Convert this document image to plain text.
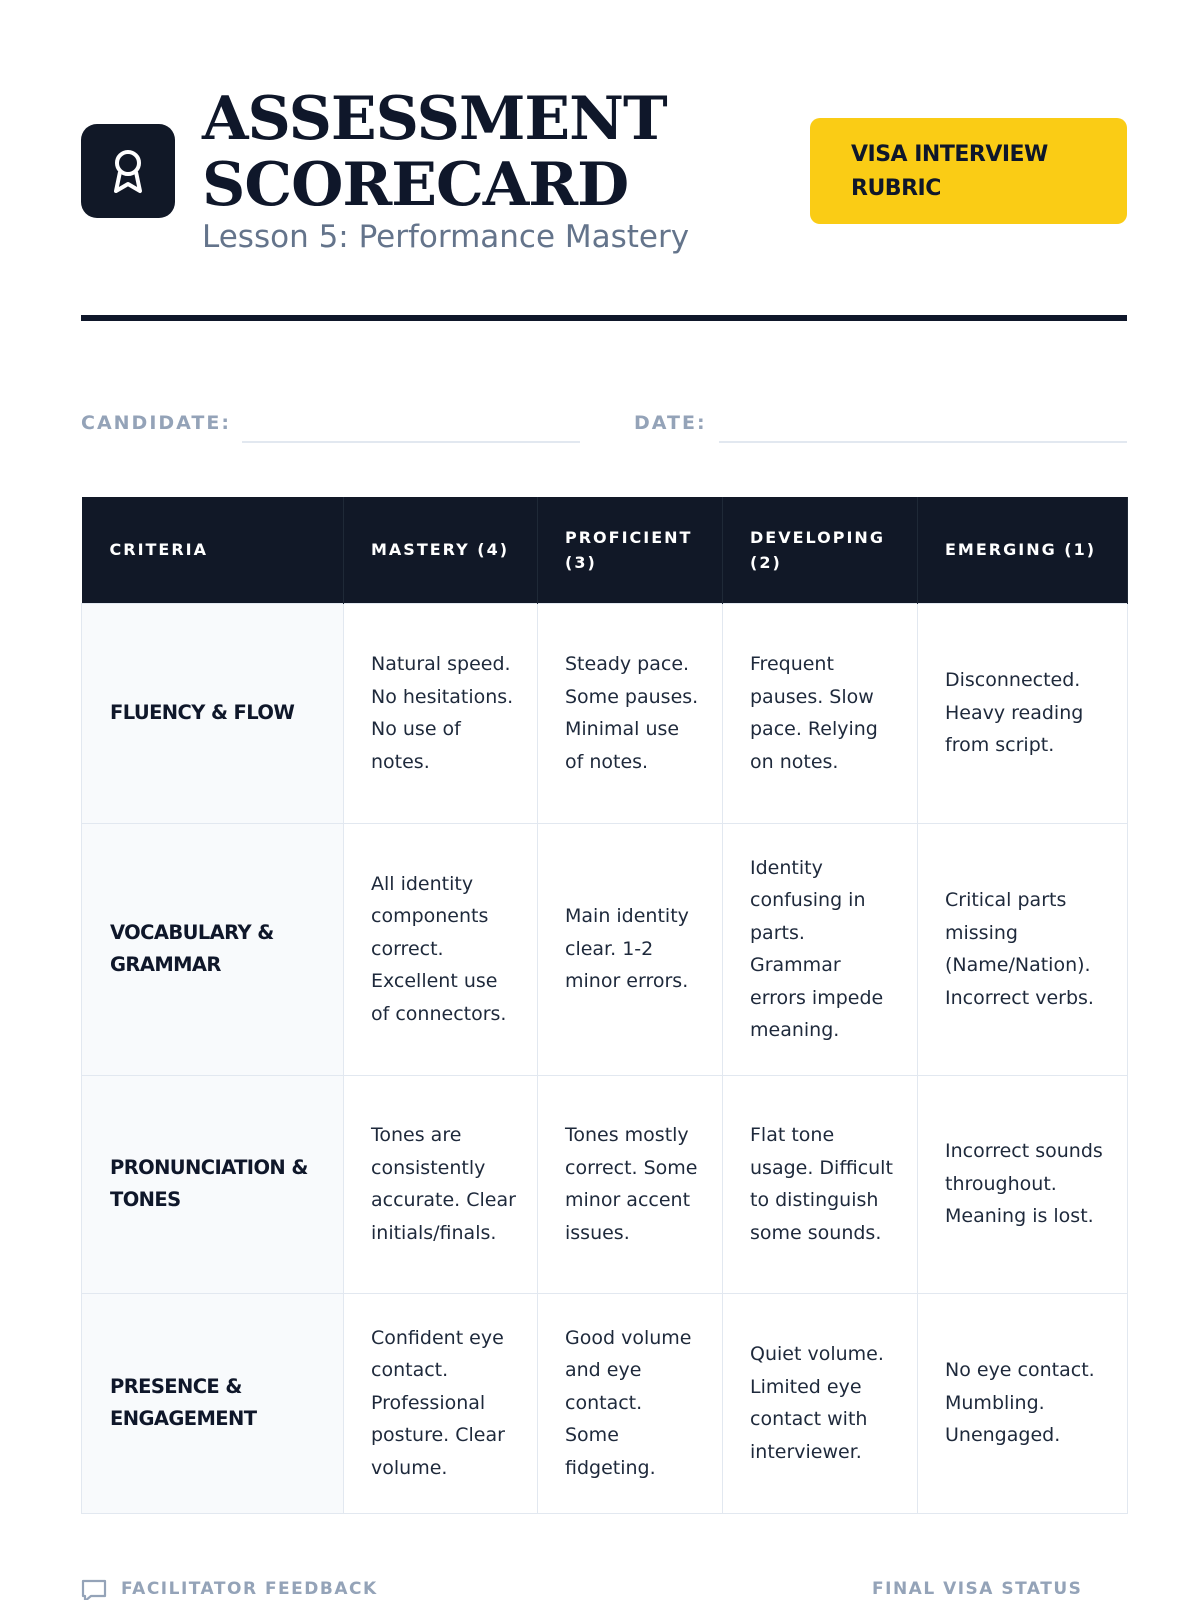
ASSESSMENT
SCORECARD
Lesson 5: Performance Mastery
VISA INTERVIEW RUBRIC
CANDIDATE:	DATE:
CRITERIA	MASTERY (4)	PROFICIENT (3)	DEVELOPING (2)	EMERGING (1)
FLUENCY & FLOW	Natural speed. No hesitations. No use of notes.	Steady pace. Some pauses. Minimal use of notes.	Frequent pauses. Slow pace. Relying on notes.	Disconnected. Heavy reading from script.
VOCABULARY & GRAMMAR	All identity components correct. Excellent use of connectors.	Main identity clear. 1-2 minor errors.	Identity confusing in parts. Grammar errors impede meaning.	Critical parts missing (Name/Nation). Incorrect verbs.
PRONUNCIATION & TONES	Tones are consistently accurate. Clear initials/finals.	Tones mostly correct. Some minor accent issues.	Flat tone usage. Difficult to distinguish some sounds.	Incorrect sounds throughout. Meaning is lost.
PRESENCE & ENGAGEMENT	Confident eye contact. Professional posture. Clear volume.	Good volume and eye contact. Some fidgeting.	Quiet volume. Limited eye contact with interviewer.	No eye contact. Mumbling. Unengaged.
FACILITATOR FEEDBACK	FINAL VISA STATUS
